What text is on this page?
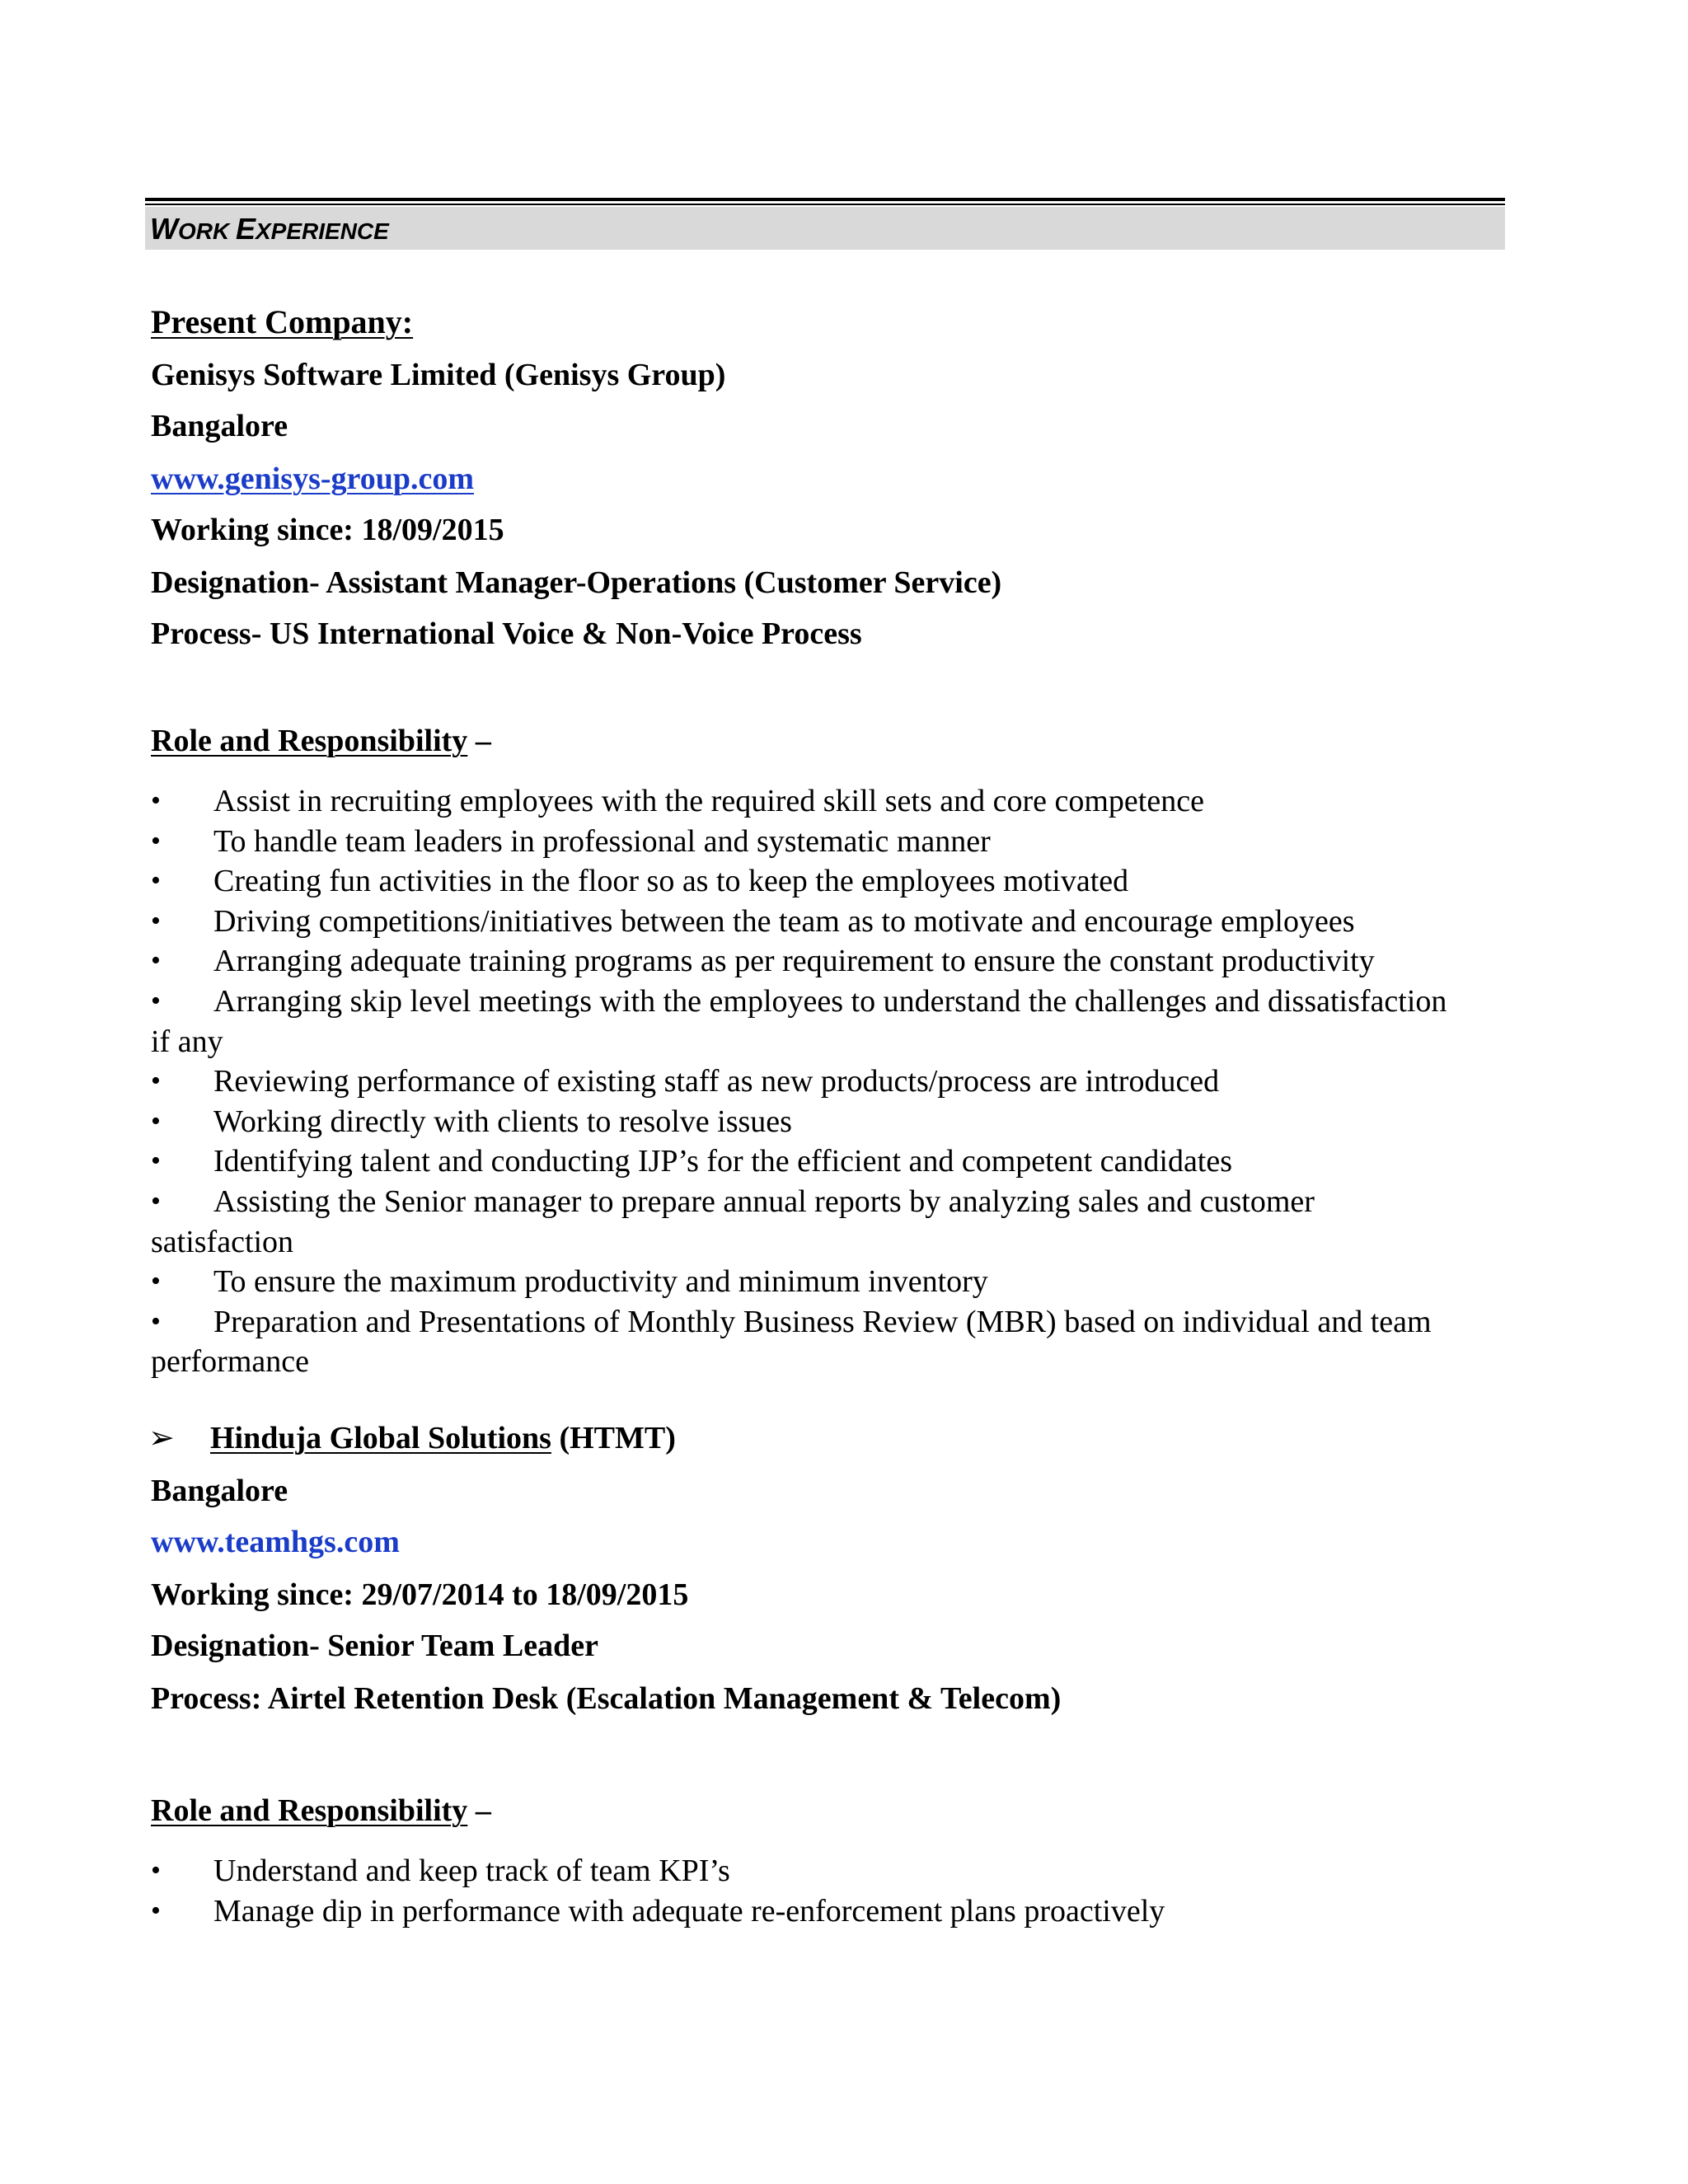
WORK EXPERIENCE
Present Company:
Genisys Software Limited (Genisys Group)
Bangalore
www.genisys-group.com
Working since: 18/09/2015
Designation- Assistant Manager-Operations (Customer Service)
Process- US International Voice & Non-Voice Process
Role and Responsibility –
•	Assist in recruiting employees with the required skill sets and core competence
•	To handle team leaders in professional and systematic manner
•	Creating fun activities in the floor so as to keep the employees motivated
•	Driving competitions/initiatives between the team as to motivate and encourage employees
•	Arranging adequate training programs as per requirement to ensure the constant productivity
•	Arranging skip level meetings with the employees to understand the challenges and dissatisfaction if any
•	Reviewing performance of existing staff as new products/process are introduced
•	Working directly with clients to resolve issues
•	Identifying talent and conducting IJP’s for the efficient and competent candidates
•	Assisting the Senior manager to prepare annual reports by analyzing sales and customer satisfaction
•	To ensure the maximum productivity and minimum inventory
•	Preparation and Presentations of Monthly Business Review (MBR) based on individual and team performance
➢ Hinduja Global Solutions (HTMT)
Bangalore
www.teamhgs.com
Working since: 29/07/2014 to 18/09/2015
Designation- Senior Team Leader
Process: Airtel Retention Desk (Escalation Management & Telecom)
Role and Responsibility –
•	Understand and keep track of team KPI’s
•	Manage dip in performance with adequate re-enforcement plans proactively
